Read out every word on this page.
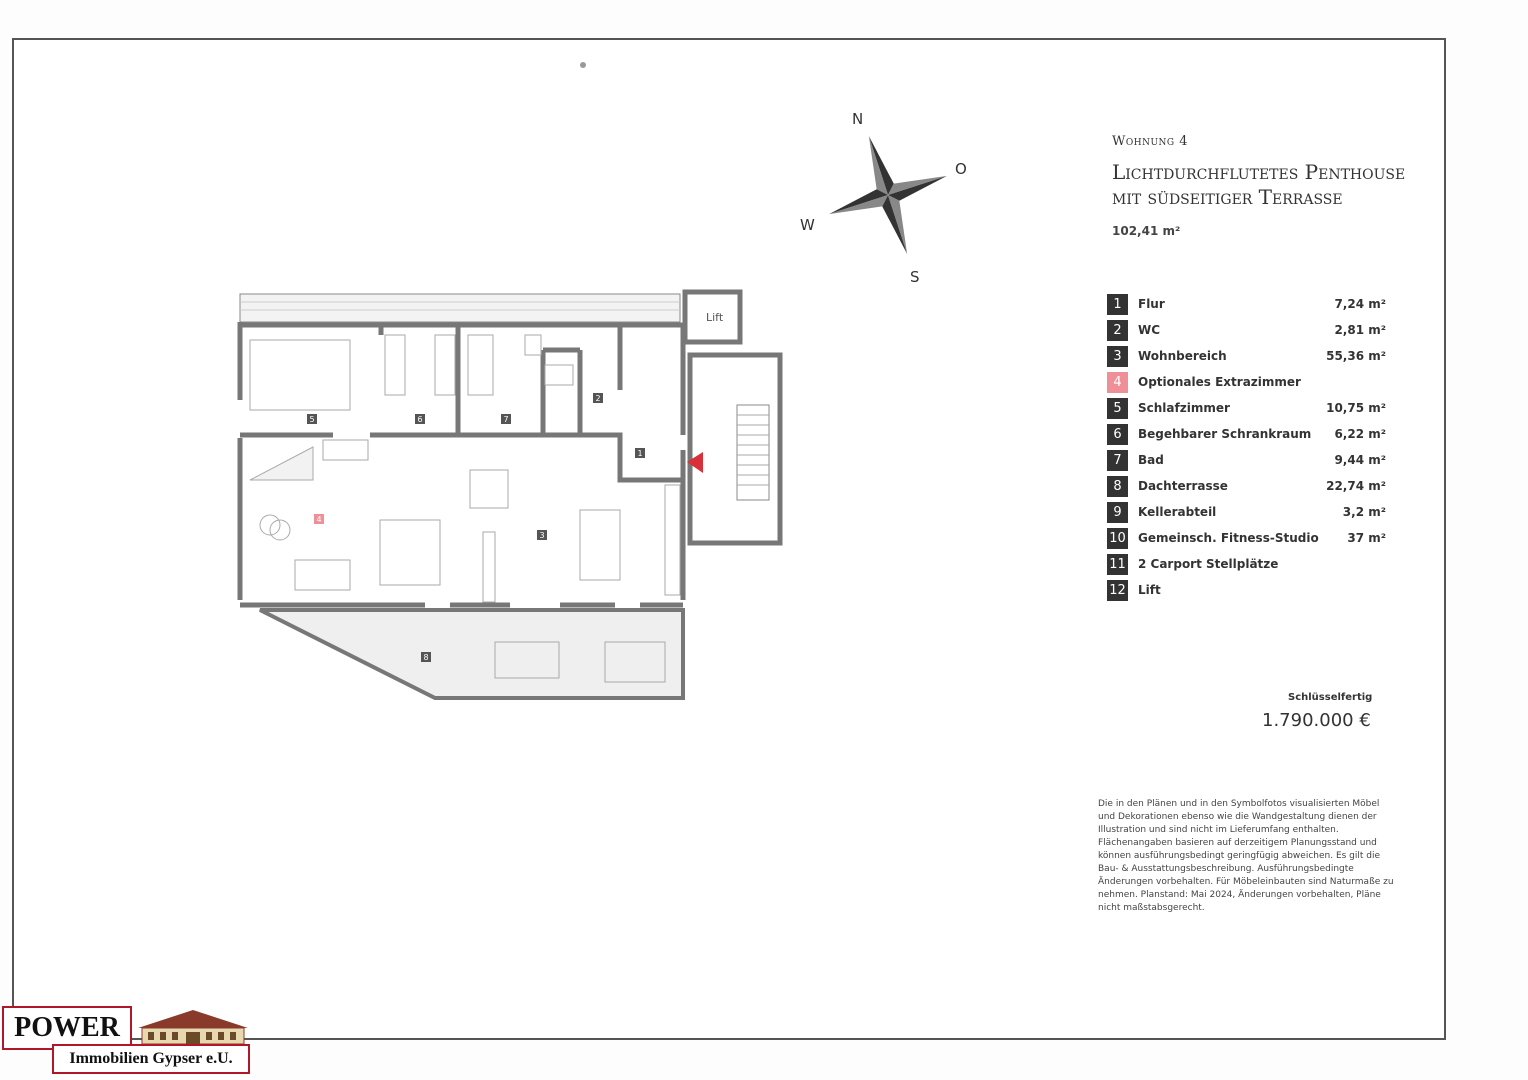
N
O
S
W
Lift
5	6	7
2
1
4
3
8
Wohnung 4
Lichtdurchflutetes Penthouse
mit südseitiger Terrasse
102,41 m²
1	Flur	7,24 m²
2	WC	2,81 m²
3	Wohnbereich	55,36 m²
4	Optionales Extrazimmer
5	Schlafzimmer	10,75 m²
6	Begehbarer Schrankraum 6,22 m²
7	Bad	9,44 m²
8	Dachterrasse	22,74 m²
9	Kellerabteil	3,2 m²
10 Gemeinsch. Fitness-Studio 37 m²
11 2 Carport Stellplätze
12 Lift
Schlüsselfertig
1.790.000 €
Die in den Plänen und in den Symbolfotos visualisierten Möbel und Dekorationen ebenso wie die Wandgestaltung dienen der Illustration und sind nicht im Lieferumfang enthalten. Flächenangaben basieren auf derzeitigem Planungsstand und können ausführungsbedingt geringfügig abweichen. Es gilt die Bau- & Ausstattungsbeschreibung. Ausführungsbedingte Änderungen vorbehalten. Für Möbeleinbauten sind Naturmaße zu nehmen. Planstand: Mai 2024, Änderungen vorbehalten, Pläne nicht maßstabsgerecht.
POWER
Immobilien Gypser e.U.
